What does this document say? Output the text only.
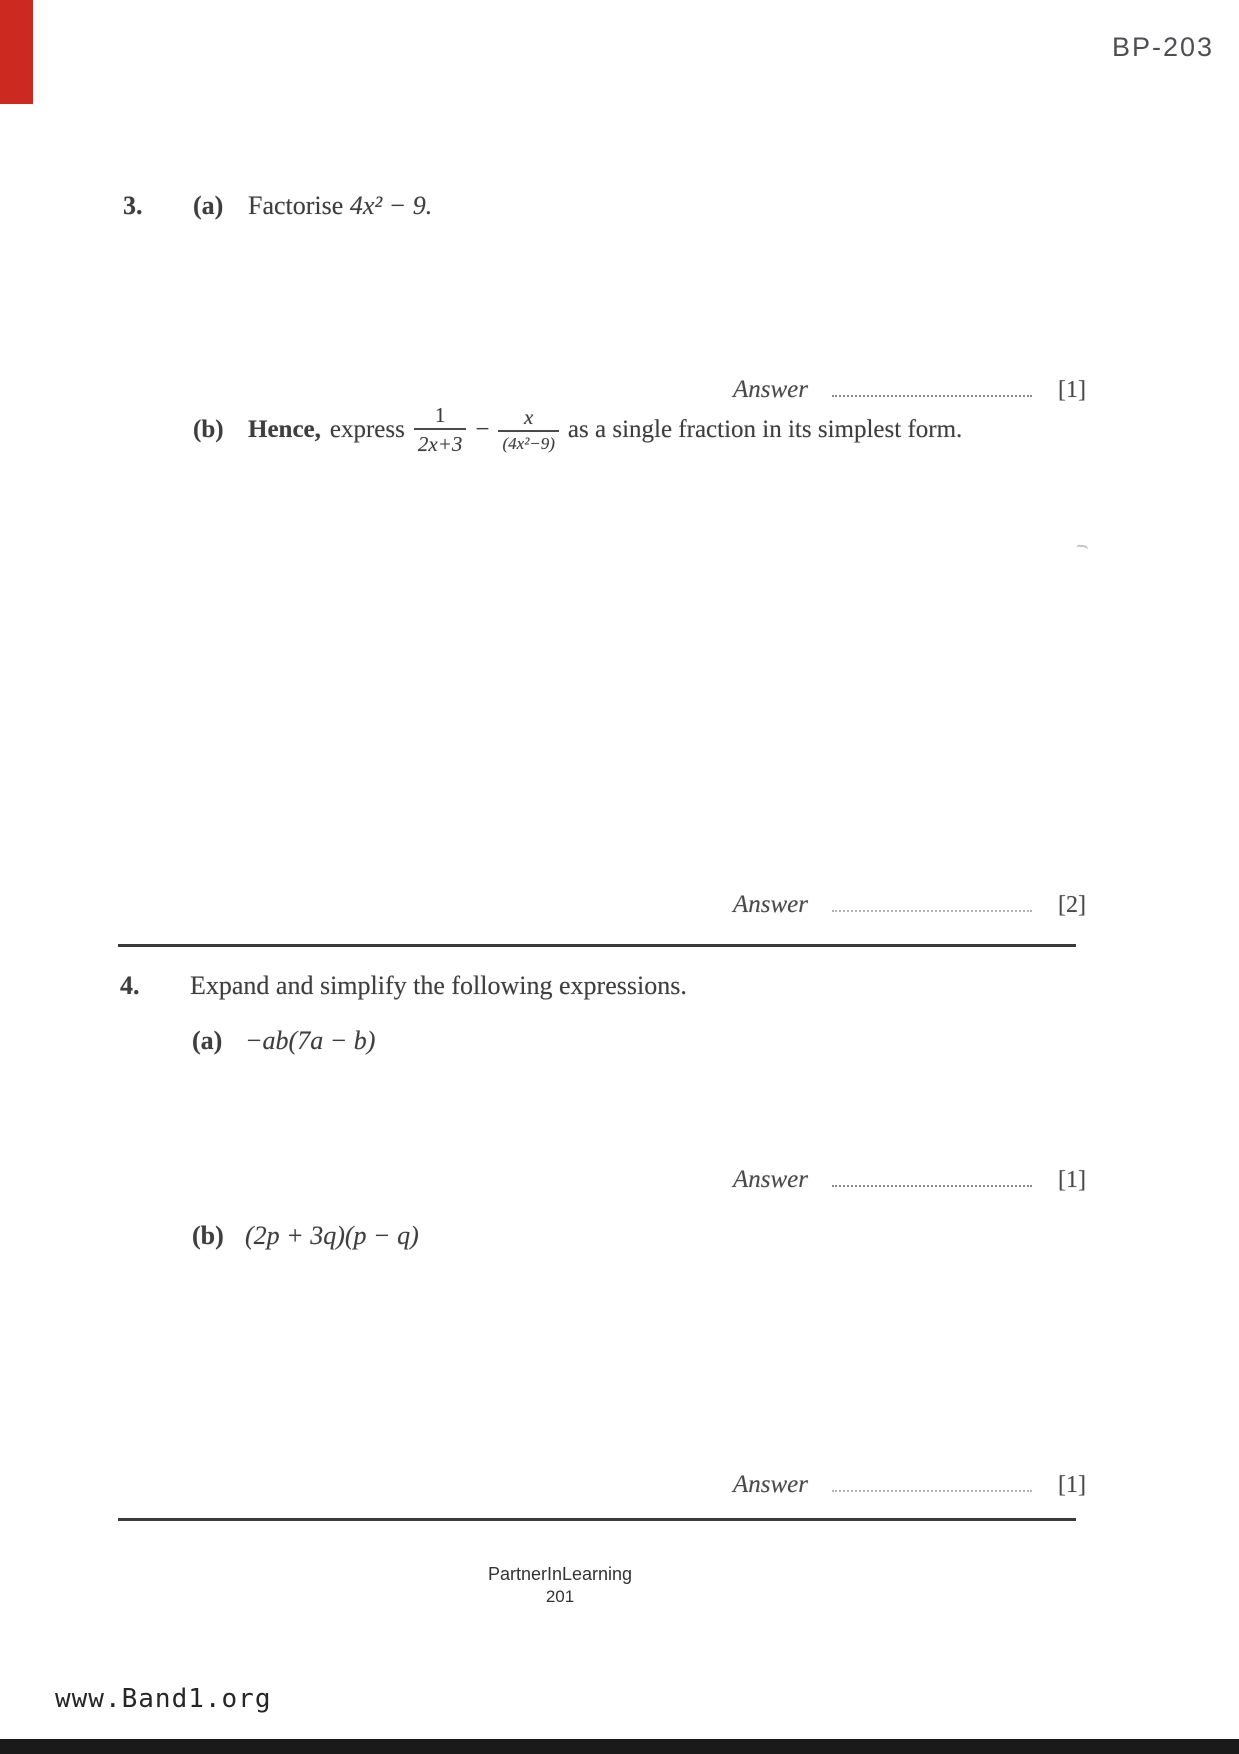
BP-203
3.	(a) Factorise 4x² − 9.
Answer	[1]
(b) Hence, express $\frac{1}{2x+3} - \frac{x}{\text{(4x²−9)}}$ as a single fraction in its simplest form.
Answer	[2]
4.	Expand and simplify the following expressions.
(a) −ab(7a − b)
Answer	[1]
(b) (2p + 3q)(p − q)
Answer	[1]
PartnerInLearning
201
www.Band1.org
